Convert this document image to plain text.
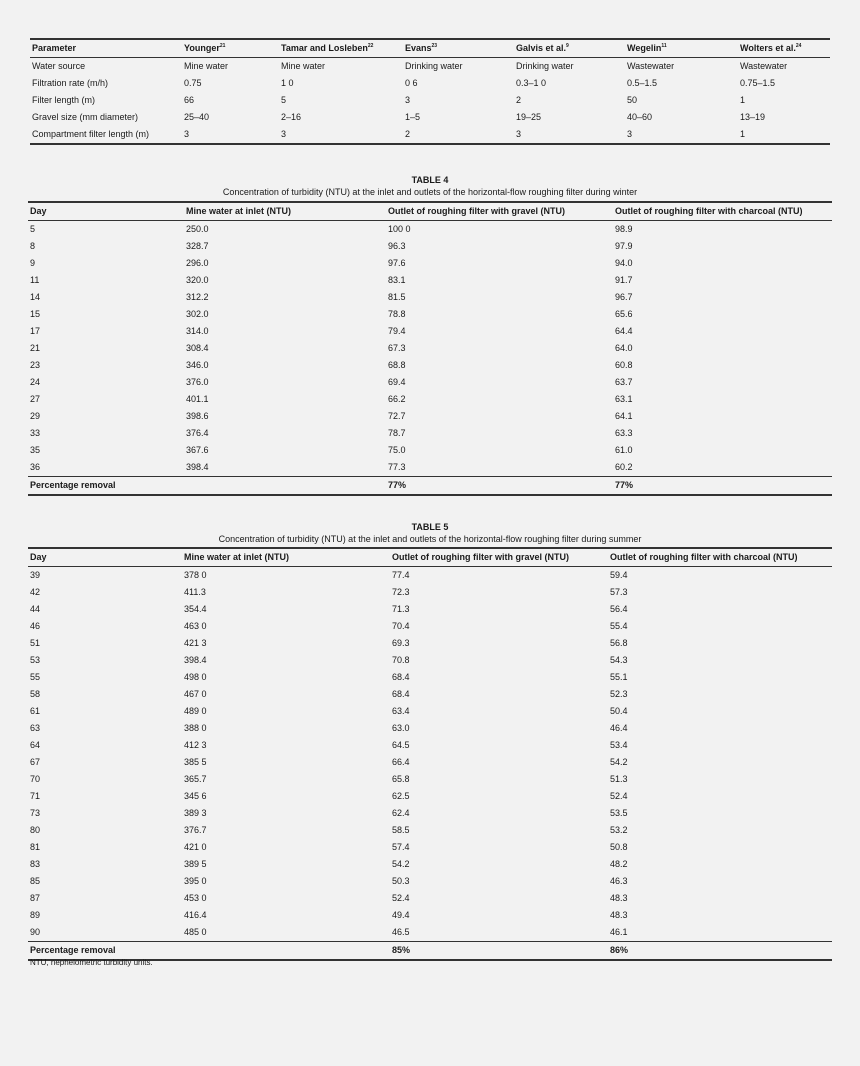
Parameter	Younger$^{21}$	Tamar and Losleben$^{22}$	Evans$^{23}$	Galvis et al.$^9$	Wegelin$^{11}$	Wolters et al.$^{24}$
Water source	Mine water	Mine water	Drinking water	Drinking water	Wastewater	Wastewater
Filtration rate (m/h)	0.75	1 0	0 6	0.3–1 0	0.5–1.5	0.75–1.5
Filter length (m)	66	5	3	2	50	1
Gravel size (mm diameter)	25–40	2–16	1–5	19–25	40–60	13–19
Compartment filter length (m)	3	3	2	3	3	1
TABLE 4
Concentration of turbidity (NTU) at the inlet and outlets of the horizontal-flow roughing filter during winter
Day	Mine water at inlet (NTU)	Outlet of roughing filter with gravel (NTU)	Outlet of roughing filter with charcoal (NTU)
5	250.0	100 0	98.9
8	328.7	96.3	97.9
9	296.0	97.6	94.0
11	320.0	83.1	91.7
14	312.2	81.5	96.7
15	302.0	78.8	65.6
17	314.0	79.4	64.4
21	308.4	67.3	64.0
23	346.0	68.8	60.8
24	376.0	69.4	63.7
27	401.1	66.2	63.1
29	398.6	72.7	64.1
33	376.4	78.7	63.3
35	367.6	75.0	61.0
36	398.4	77.3	60.2
Percentage removal		77%	77%
TABLE 5
Concentration of turbidity (NTU) at the inlet and outlets of the horizontal-flow roughing filter during summer
Day	Mine water at inlet (NTU)	Outlet of roughing filter with gravel (NTU)	Outlet of roughing filter with charcoal (NTU)
39	378 0	77.4	59.4
42	411.3	72.3	57.3
44	354.4	71.3	56.4
46	463 0	70.4	55.4
51	421 3	69.3	56.8
53	398.4	70.8	54.3
55	498 0	68.4	55.1
58	467 0	68.4	52.3
61	489 0	63.4	50.4
63	388 0	63.0	46.4
64	412 3	64.5	53.4
67	385 5	66.4	54.2
70	365.7	65.8	51.3
71	345 6	62.5	52.4
73	389 3	62.4	53.5
80	376.7	58.5	53.2
81	421 0	57.4	50.8
83	389 5	54.2	48.2
85	395 0	50.3	46.3
87	453 0	52.4	48.3
89	416.4	49.4	48.3
90	485 0	46.5	46.1
Percentage removal		85%	86%
NTU, nephelometric turbidity units.
